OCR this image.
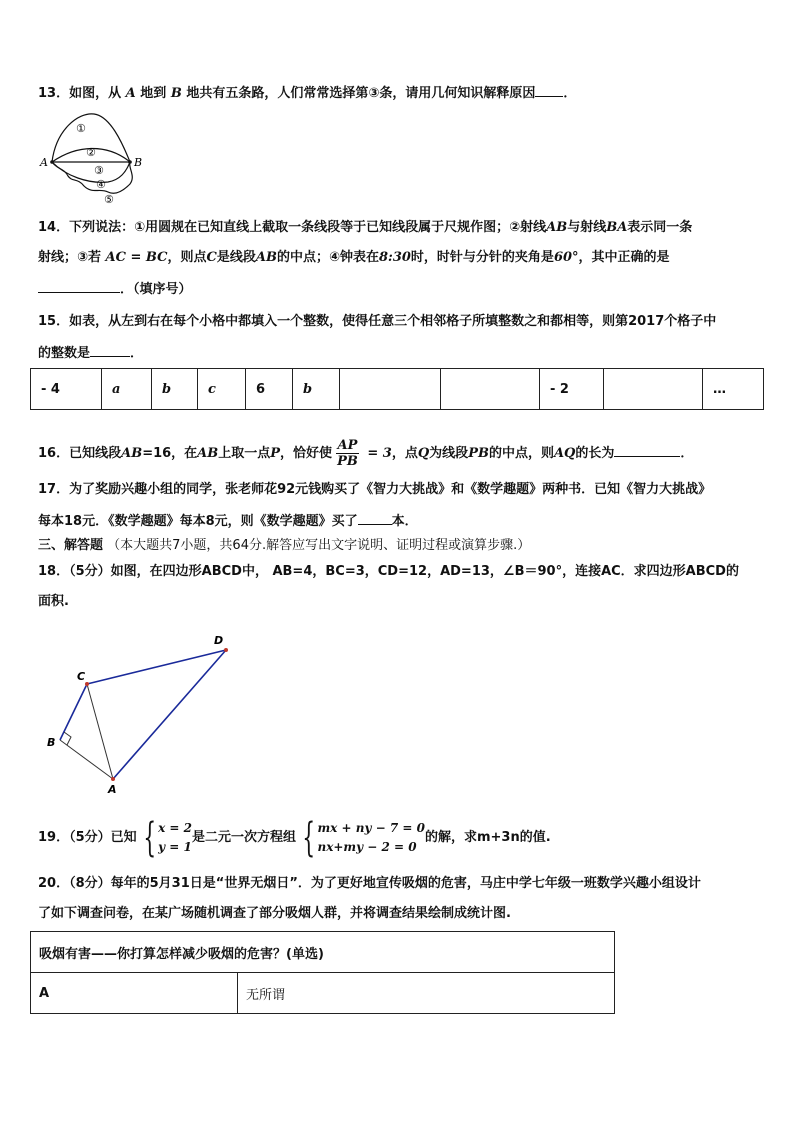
13．如图，从 A 地到 B 地共有五条路，人们常常选择第③条，请用几何知识解释原因 ．
A	B
①
②
③
④
⑤
14．下列说法：①用圆规在已知直线上截取一条线段等于已知线段属于尺规作图；②射线AB与射线BA表示同一条
射线；③若 AC = BC，则点C是线段AB的中点；④钟表在8:30时，时针与分针的夹角是60°，其中正确的是
．（填序号）
15．如表，从左到右在每个小格中都填入一个整数，使得任意三个相邻格子所填整数之和都相等，则第2017个格子中
的整数是	．
- 4	a	b	c	6	b			- 2		…
16．已知线段AB=16，在AB上取一点P，恰好使 $\frac{AP}{PB} = 3$，点Q为线段PB的中点，则AQ的长为	．
17．为了奖励兴趣小组的同学，张老师花92元钱购买了《智力大挑战》和《数学趣题》两种书．已知《智力大挑战》
每本18元．《数学趣题》每本8元，则《数学趣题》买了	本．
三、解答题 （本大题共7小题，共64分.解答应写出文字说明、证明过程或演算步骤.）
18．（5分）如图，在四边形ABCD中， AB=4，BC=3，CD=12，AD=13，∠B＝90°，连接AC．求四边形ABCD的
面积.
D
C
B
A
19．（5分）已知 { x = 2
y = 1
是二元一次方程组 { mx + ny − 7 = 0
nx+my − 2 = 0
的解，求m+3n的值.
20．（8分）每年的5月31日是“世界无烟日”．为了更好地宣传吸烟的危害，马庄中学七年级一班数学兴趣小组设计
了如下调查问卷，在某广场随机调查了部分吸烟人群，并将调查结果绘制成统计图.
吸烟有害——你打算怎样减少吸烟的危害？(单选)
A	无所谓
